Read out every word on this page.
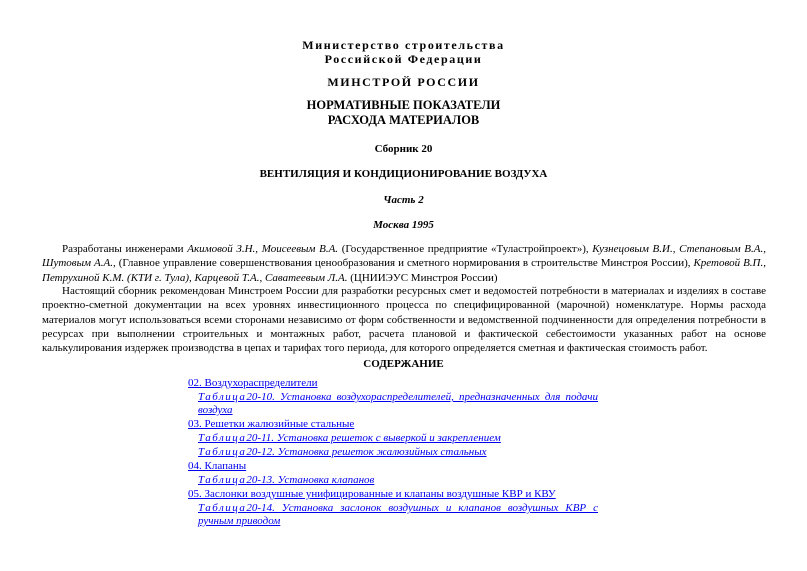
Министерство строительства
Российской Федерации
МИНСТРОЙ РОССИИ
НОРМАТИВНЫЕ ПОКАЗАТЕЛИ
РАСХОДА МАТЕРИАЛОВ
Сборник 20
ВЕНТИЛЯЦИЯ И КОНДИЦИОНИРОВАНИЕ ВОЗДУХА
Часть 2
Москва 1995
Разработаны инженерами Акимовой З.Н., Моисеевым В.А. (Государственное предприятие «Туластройпроект»), Кузнецовым В.И., Степановым В.А., Шутовым А.А., (Главное управление совершенствования ценообразования и сметного нормирования в строительстве Минстроя России), Кретовой В.П., Петрухиной К.М. (КТИ г. Тула), Карцевой Т.А., Саватеевым Л.А. (ЦНИИЭУС Минстроя России)
Настоящий сборник рекомендован Минстроем России для разработки ресурсных смет и ведомостей потребности в материалах и изделиях в составе проектно-сметной документации на всех уровнях инвестиционного процесса по специфицированной (марочной) номенклатуре. Нормы расхода материалов могут использоваться всеми сторонами независимо от форм собственности и ведомственной подчиненности для определения потребности в ресурсах при выполнении строительных и монтажных работ, расчета плановой и фактической себестоимости указанных работ на основе калькулирования издержек производства в цепах и тарифах того периода, для которого определяется сметная и фактическая стоимость работ.
СОДЕРЖАНИЕ
02. Воздухораспределители
Таблица20-10. Установка воздухораспределителей, предназначенных для подачи воздуха
03. Решетки жалюзийные стальные
Таблица20-11. Установка решеток с выверкой и закреплением
Таблица20-12. Установка решеток жалюзийных стальных
04. Клапаны
Таблица20-13. Установка клапанов
05. Заслонки воздушные унифицированные и клапаны воздушные КВР и КВУ
Таблица20-14. Установка заслонок воздушных и клапанов воздушных КВР с ручным приводом
